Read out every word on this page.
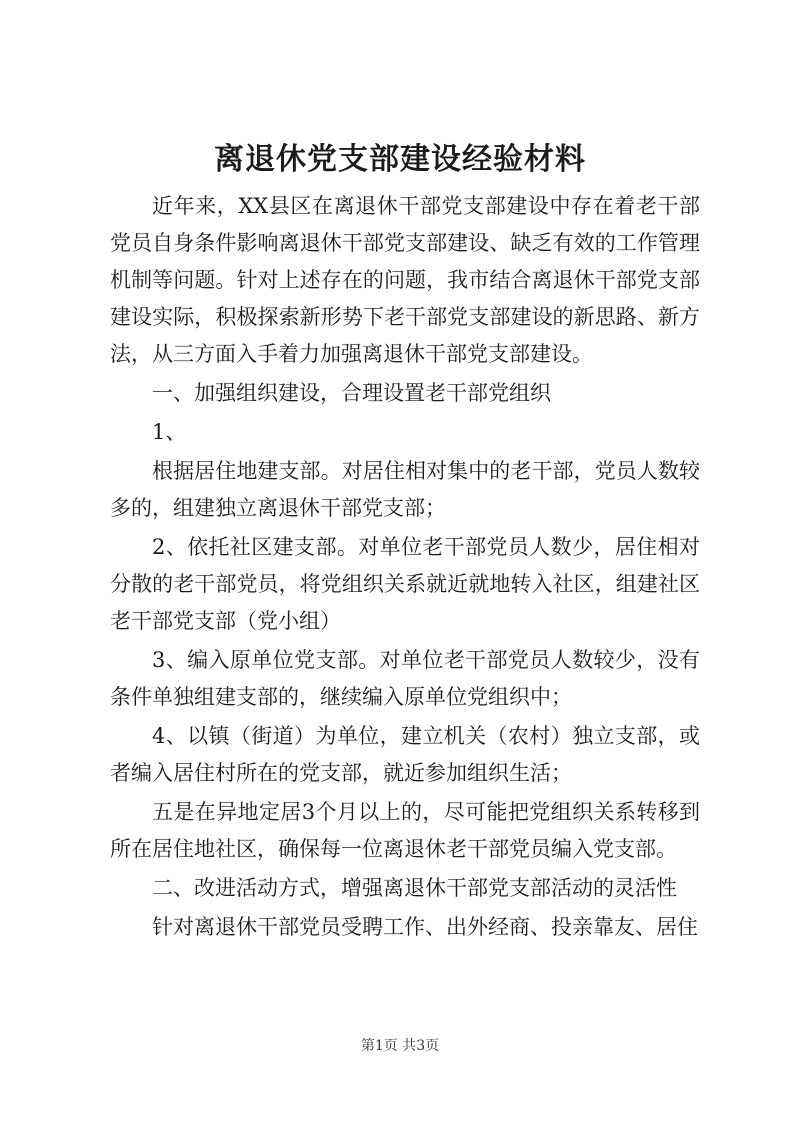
离退休党支部建设经验材料

近年来，XX县区在离退休干部党支部建设中存在着老干部党员自身条件影响离退休干部党支部建设、缺乏有效的工作管理机制等问题。针对上述存在的问题，我市结合离退休干部党支部建设实际，积极探索新形势下老干部党支部建设的新思路、新方法，从三方面入手着力加强离退休干部党支部建设。

一、加强组织建设，合理设置老干部党组织

1、

根据居住地建支部。对居住相对集中的老干部，党员人数较多的，组建独立离退休干部党支部；

2、依托社区建支部。对单位老干部党员人数少，居住相对分散的老干部党员，将党组织关系就近就地转入社区，组建社区老干部党支部（党小组）

3、编入原单位党支部。对单位老干部党员人数较少，没有条件单独组建支部的，继续编入原单位党组织中；

4、以镇（街道）为单位，建立机关（农村）独立支部，或者编入居住村所在的党支部，就近参加组织生活；

五是在异地定居3个月以上的，尽可能把党组织关系转移到所在居住地社区，确保每一位离退休老干部党员编入党支部。

二、改进活动方式，增强离退休干部党支部活动的灵活性

针对离退休干部党员受聘工作、出外经商、投亲靠友、居住

第1页 共3页
